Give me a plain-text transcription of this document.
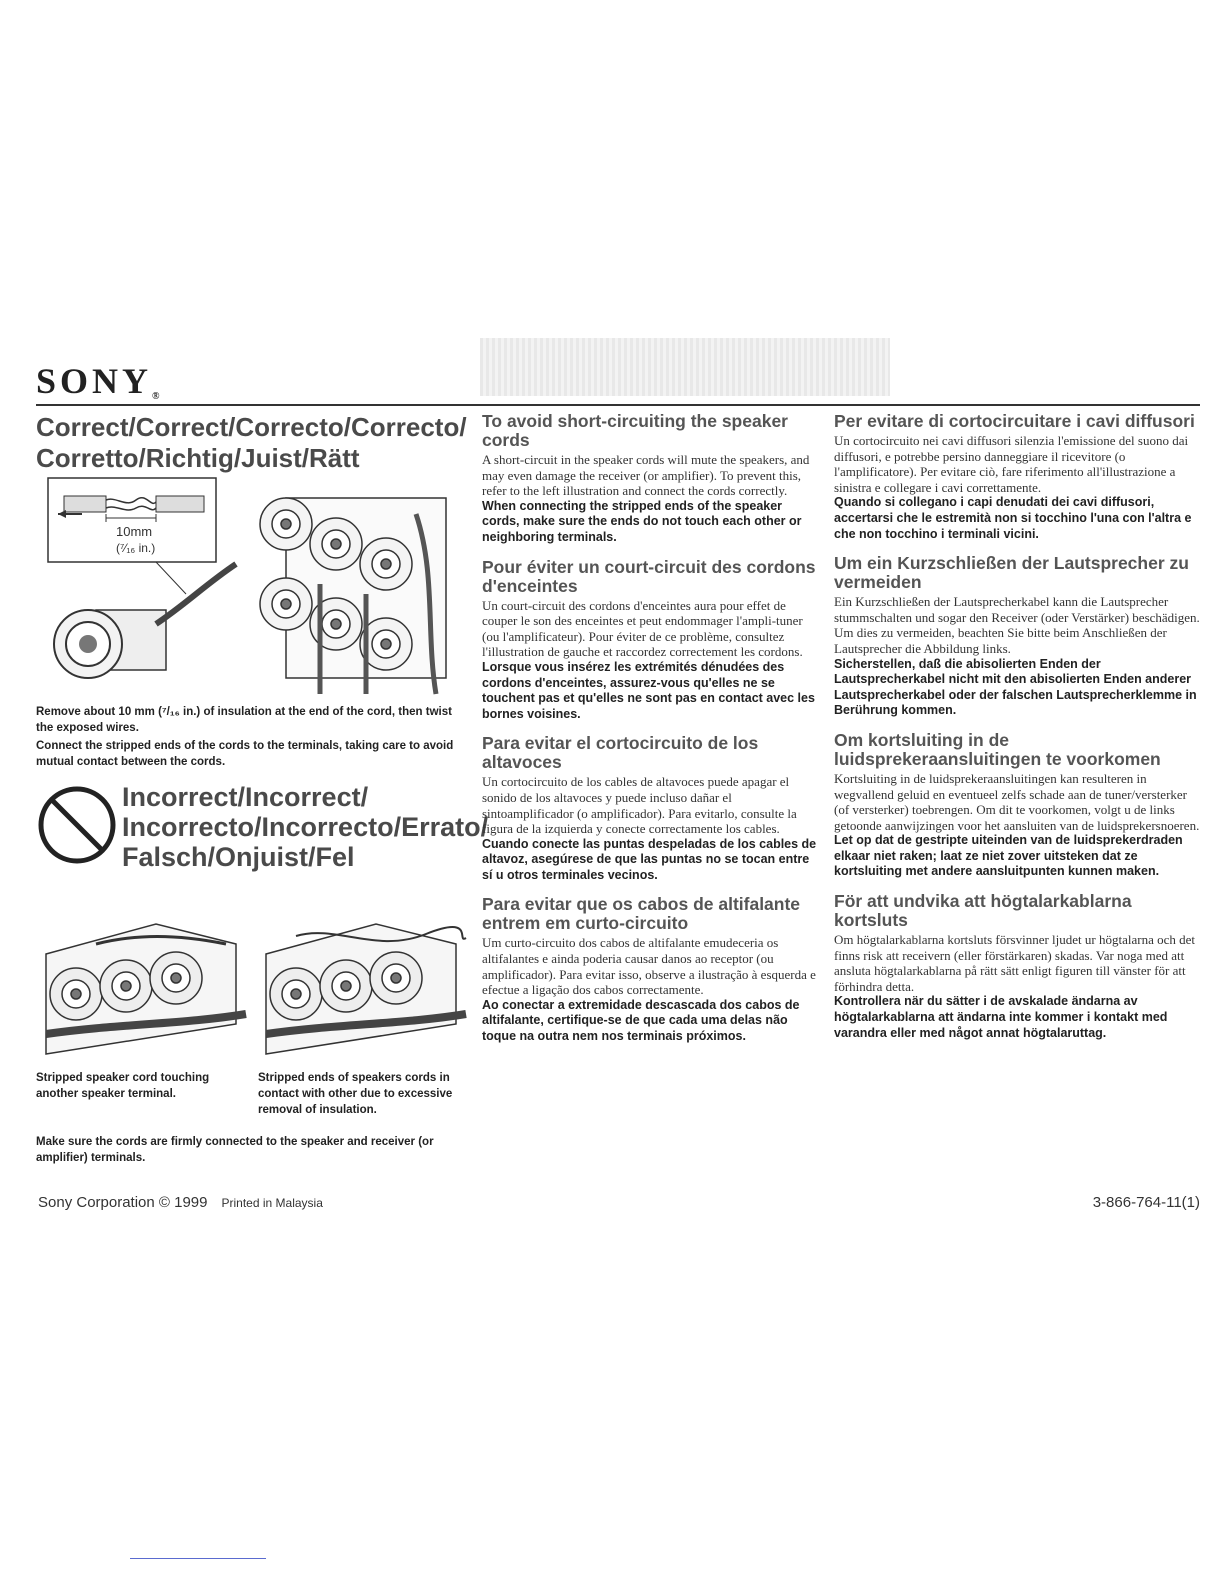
SONY®
Correct/Correct/Correcto/Correcto/ Corretto/Richtig/Juist/Rätt
10mm
(⁷⁄₁₆ in.)
Remove about 10 mm (⁷/₁₆ in.) of insulation at the end of the cord, then twist the exposed wires.
Connect the stripped ends of the cords to the terminals, taking care to avoid mutual contact between the cords.
Incorrect/Incorrect/ Incorrecto/Incorrecto/Errato/ Falsch/Onjuist/Fel
Stripped speaker cord touching another speaker terminal.
Stripped ends of speakers cords in contact with other due to excessive removal of insulation.
Make sure the cords are firmly connected to the speaker and receiver (or amplifier) terminals.
To avoid short-circuiting the speaker cords
A short-circuit in the speaker cords will mute the speakers, and may even damage the receiver (or amplifier). To prevent this, refer to the left illustration and connect the cords correctly.
When connecting the stripped ends of the speaker cords, make sure the ends do not touch each other or neighboring terminals.
Pour éviter un court-circuit des cordons d'enceintes
Un court-circuit des cordons d'enceintes aura pour effet de couper le son des enceintes et peut endommager l'ampli-tuner (ou l'amplificateur). Pour éviter de ce problème, consultez l'illustration de gauche et raccordez correctement les cordons.
Lorsque vous insérez les extrémités dénudées des cordons d'enceintes, assurez-vous qu'elles ne se touchent pas et qu'elles ne sont pas en contact avec les bornes voisines.
Para evitar el cortocircuito de los altavoces
Un cortocircuito de los cables de altavoces puede apagar el sonido de los altavoces y puede incluso dañar el sintoamplificador (o amplificador). Para evitarlo, consulte la figura de la izquierda y conecte correctamente los cables.
Cuando conecte las puntas despeladas de los cables de altavoz, asegúrese de que las puntas no se tocan entre sí u otros terminales vecinos.
Para evitar que os cabos de altifalante entrem em curto-circuito
Um curto-circuito dos cabos de altifalante emudeceria os altifalantes e ainda poderia causar danos ao receptor (ou amplificador). Para evitar isso, observe a ilustração à esquerda e efectue a ligação dos cabos correctamente.
Ao conectar a extremidade descascada dos cabos de altifalante, certifique-se de que cada uma delas não toque na outra nem nos terminais próximos.
Per evitare di cortocircuitare i cavi diffusori
Un cortocircuito nei cavi diffusori silenzia l'emissione del suono dai diffusori, e potrebbe persino danneggiare il ricevitore (o l'amplificatore). Per evitare ciò, fare riferimento all'illustrazione a sinistra e collegare i cavi correttamente.
Quando si collegano i capi denudati dei cavi diffusori, accertarsi che le estremità non si tocchino l'una con l'altra e che non tocchino i terminali vicini.
Um ein Kurzschließen der Lautsprecher zu vermeiden
Ein Kurzschließen der Lautsprecherkabel kann die Lautsprecher stummschalten und sogar den Receiver (oder Verstärker) beschädigen. Um dies zu vermeiden, beachten Sie bitte beim Anschließen der Lautsprecher die Abbildung links.
Sicherstellen, daß die abisolierten Enden der Lautsprecherkabel nicht mit den abisolierten Enden anderer Lautsprecherkabel oder der falschen Lautsprecherklemme in Berührung kommen.
Om kortsluiting in de luidsprekeraansluitingen te voorkomen
Kortsluiting in de luidsprekeraansluitingen kan resulteren in wegvallend geluid en eventueel zelfs schade aan de tuner/versterker (of versterker) toebrengen. Om dit te voorkomen, volgt u de links getoonde aanwijzingen voor het aansluiten van de luidsprekersnoeren.
Let op dat de gestripte uiteinden van de luidsprekerdraden elkaar niet raken; laat ze niet zover uitsteken dat ze kortsluiting met andere aansluitpunten kunnen maken.
För att undvika att högtalarkablarna kortsluts
Om högtalarkablarna kortsluts försvinner ljudet ur högtalarna och det finns risk att receivern (eller förstärkaren) skadas. Var noga med att ansluta högtalarkablarna på rätt sätt enligt figuren till vänster för att förhindra detta.
Kontrollera när du sätter i de avskalade ändarna av högtalarkablarna att ändarna inte kommer i kontakt med varandra eller med något annat högtalaruttag.
Sony Corporation © 1999 Printed in Malaysia	3-866-764-11(1)
